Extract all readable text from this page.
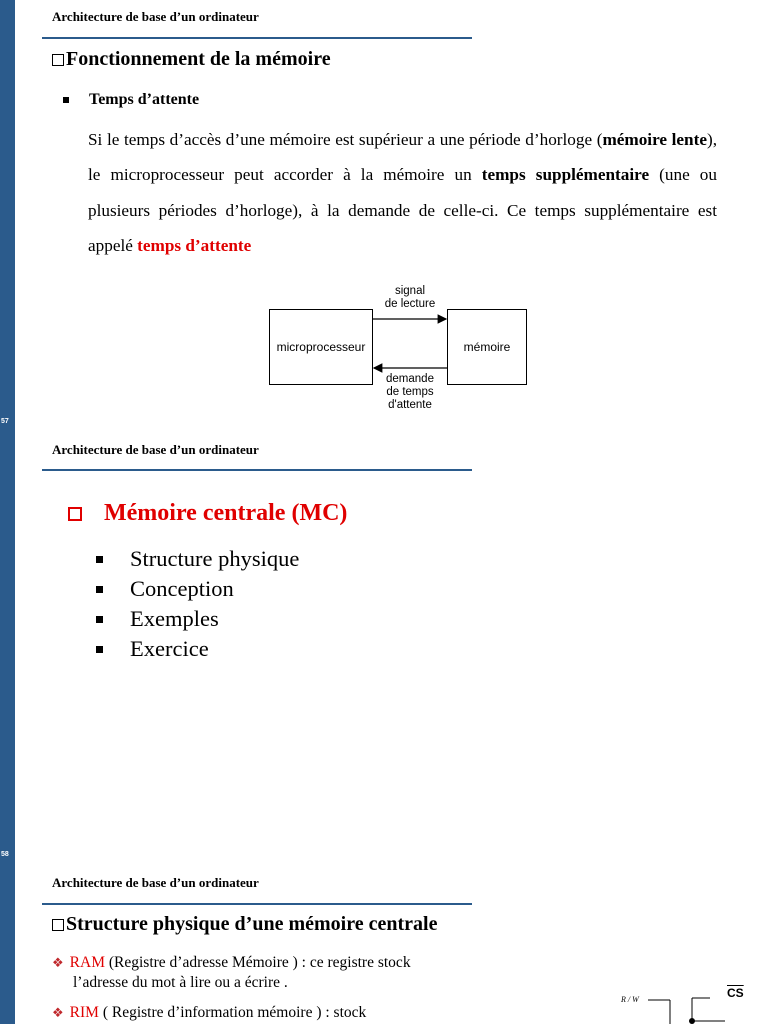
57
58
Architecture de base d’un ordinateur
Fonctionnement de la mémoire
Temps d’attente
Si le temps d’accès d’une mémoire est supérieur a une période d’horloge (mémoire lente), le microprocesseur peut accorder à la mémoire un temps supplémentaire (une ou plusieurs périodes d’horloge), à la demande de celle-ci. Ce temps supplémentaire est appelé temps d’attente
microprocesseur	mémoire
signal
de lecture
demande
de temps
d'attente
Architecture de base d’un ordinateur
Mémoire centrale (MC)
Structure physique
Conception
Exemples
Exercice
Architecture de base d’un ordinateur
Structure physique d’une mémoire centrale
❖ RAM (Registre d’adresse Mémoire ) : ce registre stock
l’adresse du mot à lire ou a écrire .
❖ RIM ( Registre d’information mémoire ) : stock
R / W	$\overline{CS}$
